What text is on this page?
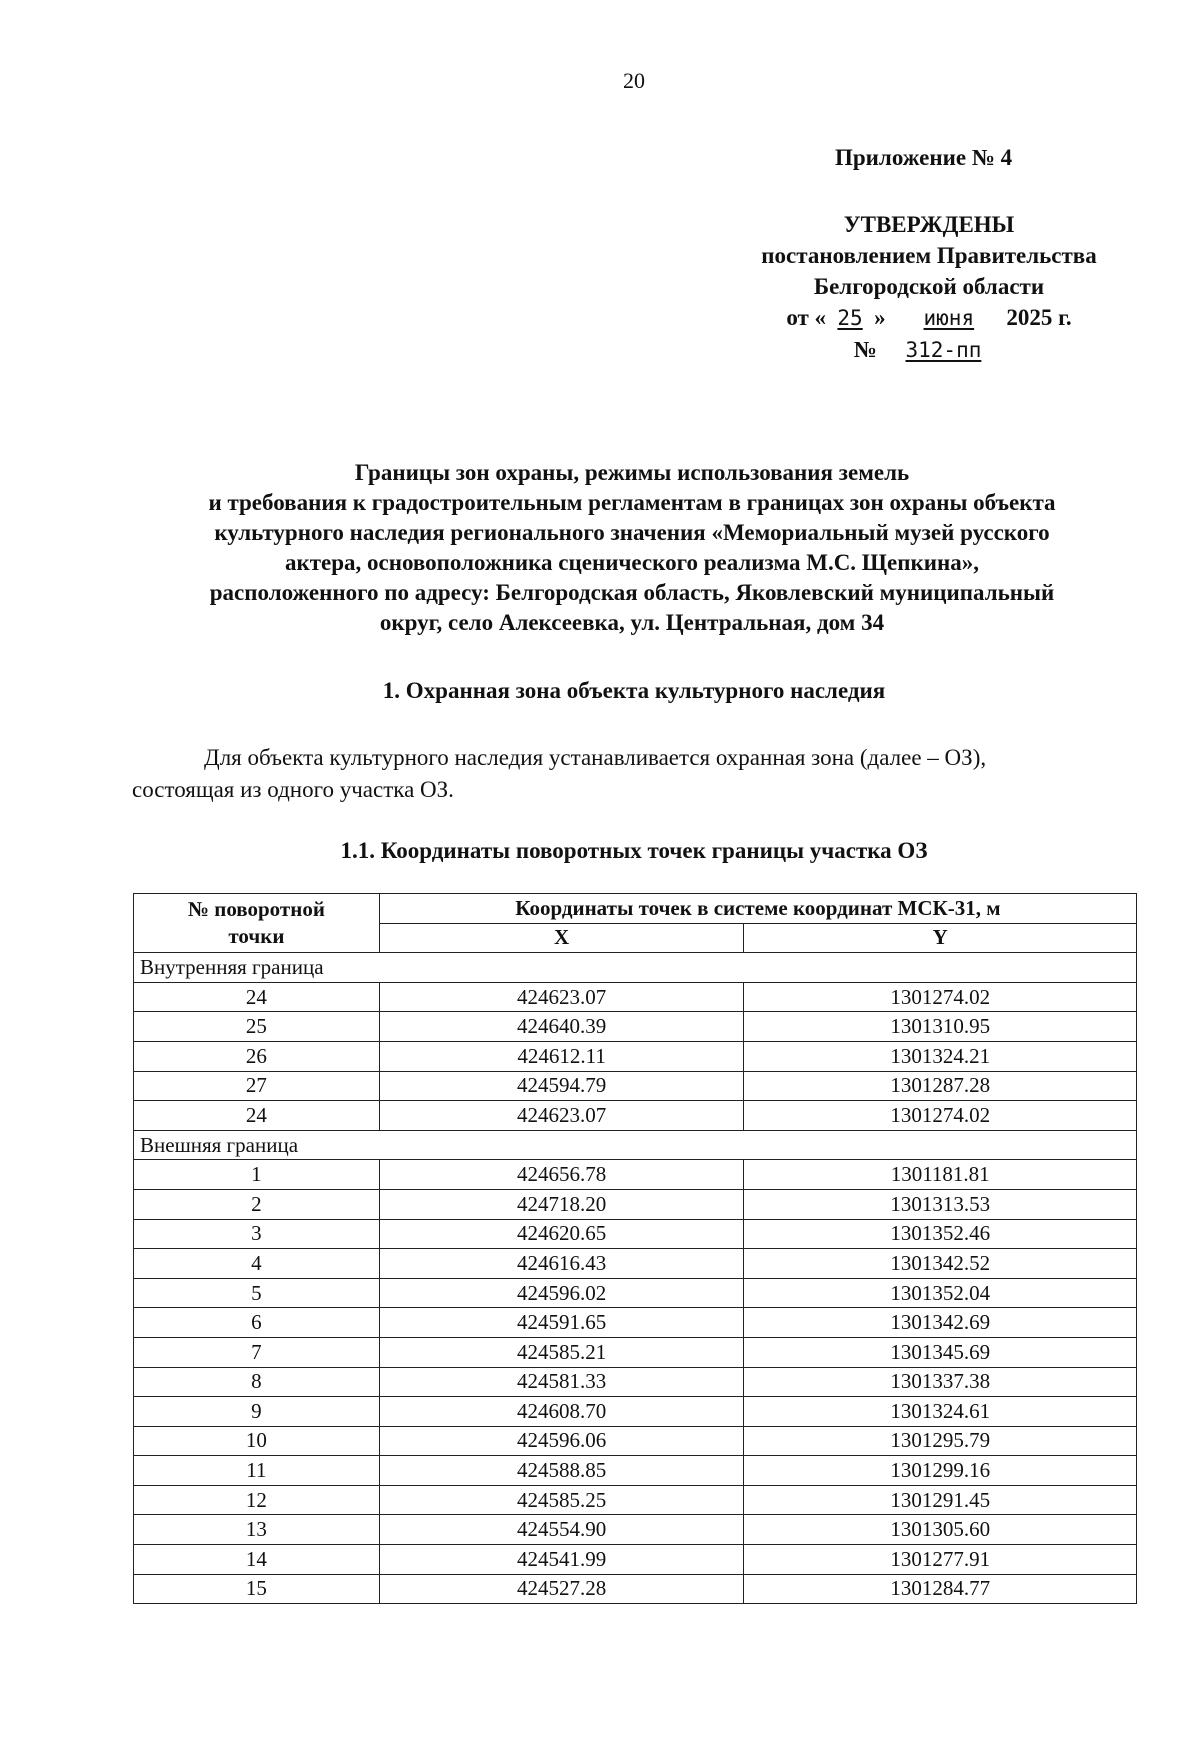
20
Приложение № 4
УТВЕРЖДЕНЫ
постановлением Правительства
Белгородской области
от « 25 » июня 2025 г.
№ 312-пп
Границы зон охраны, режимы использования земель
и требования к градостроительным регламентам в границах зон охраны объекта
культурного наследия регионального значения «Мемориальный музей русского
актера, основоположника сценического реализма М.С. Щепкина»,
расположенного по адресу: Белгородская область, Яковлевский муниципальный
округ, село Алексеевка, ул. Центральная, дом 34
1. Охранная зона объекта культурного наследия
Для объекта культурного наследия устанавливается охранная зона (далее – ОЗ),
состоящая из одного участка ОЗ.
1.1. Координаты поворотных точек границы участка ОЗ
№ поворотной
точки	Координаты точек в системе координат МСК-31, м	
	X	Y
Внутренняя граница		
24	424623.07	1301274.02
25	424640.39	1301310.95
26	424612.11	1301324.21
27	424594.79	1301287.28
24	424623.07	1301274.02
Внешняя граница		
1	424656.78	1301181.81
2	424718.20	1301313.53
3	424620.65	1301352.46
4	424616.43	1301342.52
5	424596.02	1301352.04
6	424591.65	1301342.69
7	424585.21	1301345.69
8	424581.33	1301337.38
9	424608.70	1301324.61
10	424596.06	1301295.79
11	424588.85	1301299.16
12	424585.25	1301291.45
13	424554.90	1301305.60
14	424541.99	1301277.91
15	424527.28	1301284.77
